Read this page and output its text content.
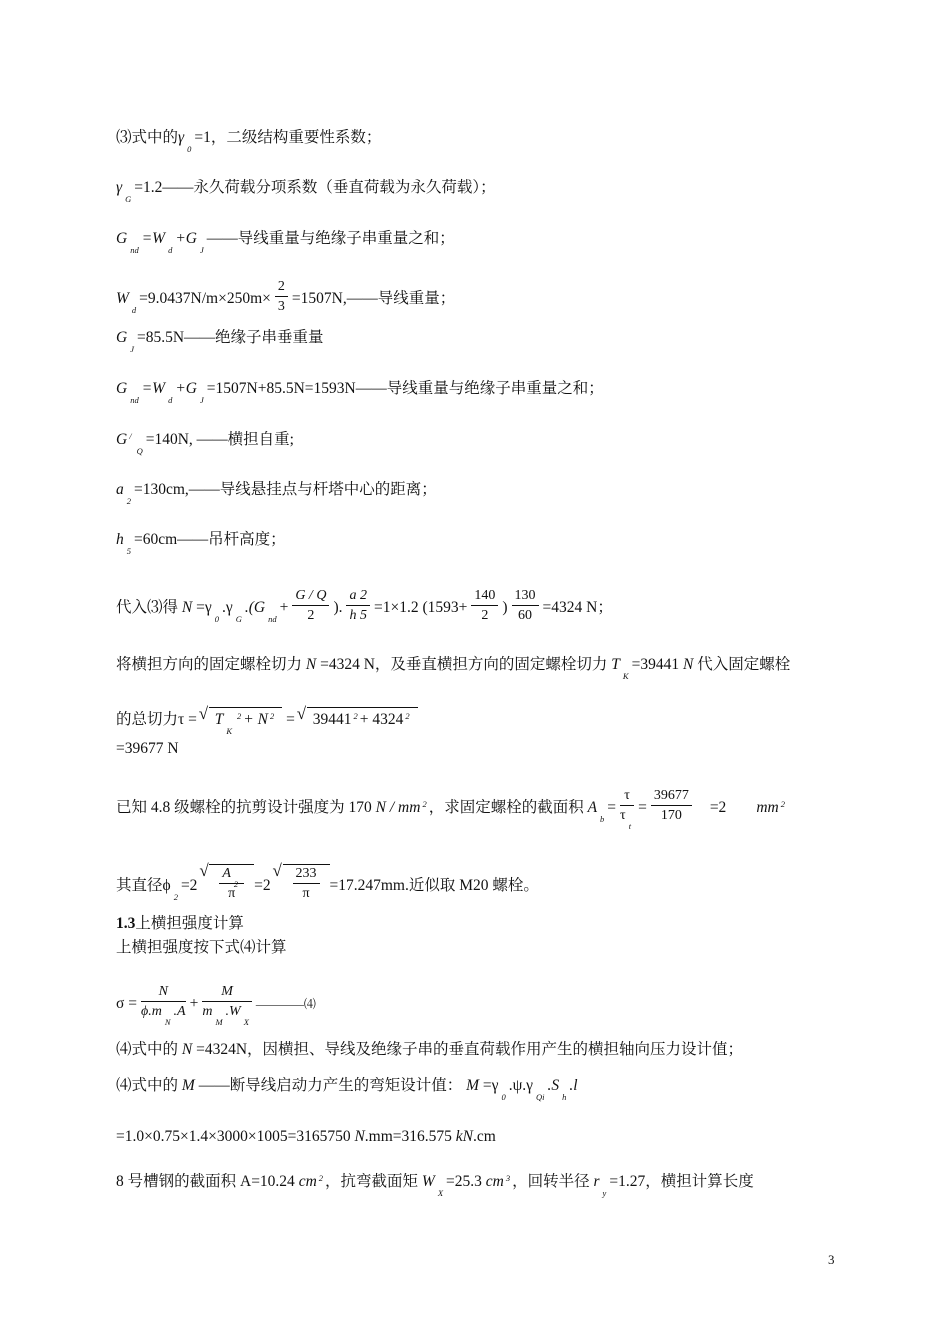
⑶式中的$\gamma_0=1$，二级结构重要性系数；
$\gamma_G=1.2——$永久荷载分项系数（垂直荷载为永久荷载）；
$G_{nd}=W_d+G_J——$导线重量与绝缘子串重量之和；
$W_d=9.0437N/m\times 250m\times \frac{2}{3}$ =1507N,——导线重量；
$G_J=85.5N——$绝缘子串垂重量
$G_{nd}=W_d+G_J=1507N+85.5N=1593N——$导线重量与绝缘子串重量之和；
G /$_Q$=140N, ——横担自重;
$a_2=130cm,——$导线悬挂点与杆塔中心的距离；
$h_5=60cm——$吊杆高度；
代入⑶得 $N =\gamma_0.\gamma_G.(G_{nd}+ \frac{G / Q}{2}$ ). $\frac{a 2}{h 5} =1\times 1.2$ ($1593+ \frac{140}{2}$ ) $\frac{130}{60} =4324$ N；
将横担方向的固定螺栓切力 N =4324 N，及垂直横担方向的固定螺栓切力 $T_K=39441$ N 代入固定螺栓
的总切力τ = √ $T_K^2 + N$ $^2$ = √ 39441 $^2$ + 4324 $^2$
=39677 N
已知 4.8 级螺栓的抗剪设计强度为 170 N / mm $^2$ ，求固定螺栓的截面积 $A_b= \frac{\tau}{\tau_t} = \frac{39677}{170} =2$ mm $^2$
其直径$\phi_2=2$ √ $\frac{A_2}{\pi} =2$ √ $\frac{233}{\pi} =17.247mm$.近似取 M20 螺栓。
1.3上横担强度计算
上横担强度按下式⑷计算
$\sigma = \frac{N}{\phi.m_N.A} + \frac{M}{m_M.W_X}$ ————⑷
⑷式中的 N =4324N，因横担、导线及绝缘子串的垂直荷载作用产生的横担轴向压力设计值；
⑷式中的 M ——断导线启动力产生的弯矩设计值： $M =\gamma_0.\psi.\gamma_{Qi}.S_h.l$
=1.0×0.75×1.4×3000×1005=3165750 N.mm=316.575 kN.cm
8 号槽钢的截面积 A=10.24 cm $^2$ ，抗弯截面矩 $W_X=25.3$ cm $^3$ ，回转半径 $r_y=1.27$，横担计算长度
3
